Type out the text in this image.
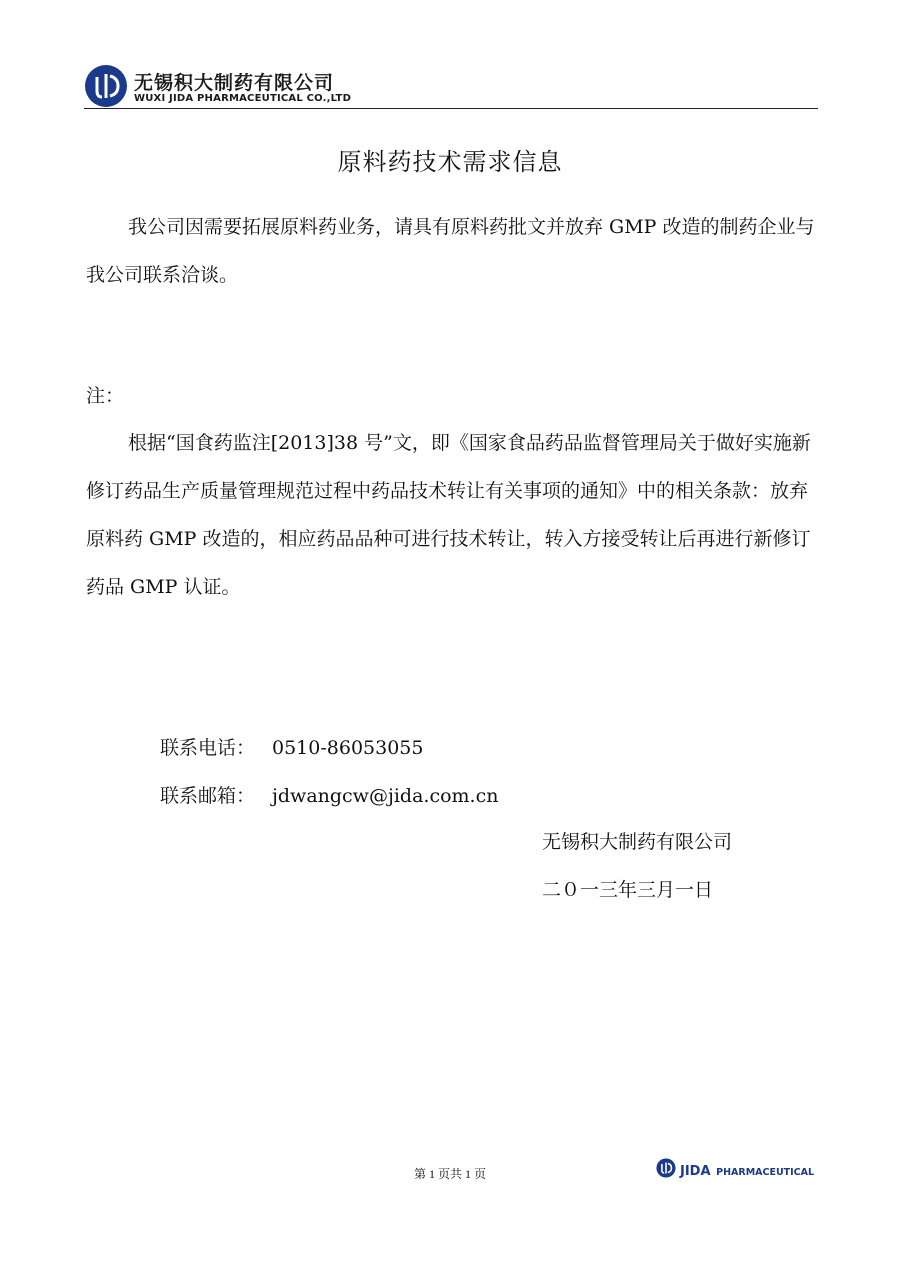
无锡积大制药有限公司
WUXI JIDA PHARMACEUTICAL CO.,LTD
原料药技术需求信息

我公司因需要拓展原料药业务，请具有原料药批文并放弃 GMP 改造的制药企业与我公司联系洽谈。

注：

根据“国食药监注[2013]38 号”文，即《国家食品药品监督管理局关于做好实施新修订药品生产质量管理规范过程中药品技术转让有关事项的通知》中的相关条款：放弃原料药 GMP 改造的，相应药品品种可进行技术转让，转入方接受转让后再进行新修订药品 GMP 认证。

联系电话： 0510-86053055
联系邮箱： jdwangcw@jida.com.cn
无锡积大制药有限公司
二０一三年三月一日
第 1 页共 1 页	JIDA PHARMACEUTICAL
